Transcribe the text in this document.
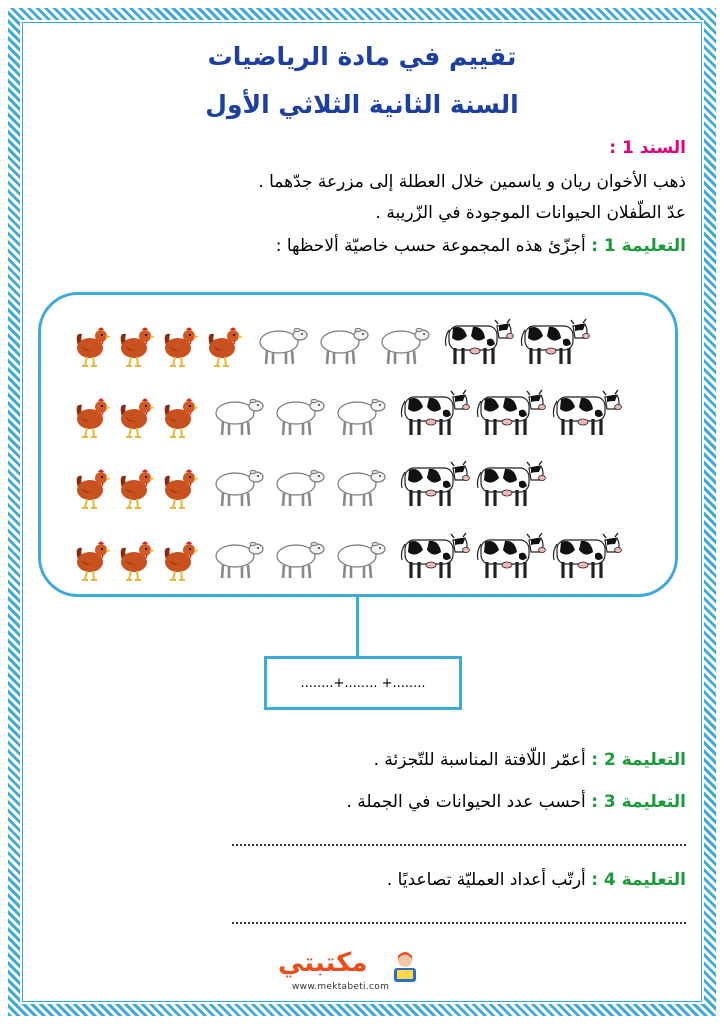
تقييم في مادة الرياضيات
السنة الثانية الثلاثي الأول
السند 1 :
ذهب الأخوان ريان و ياسمين خلال العطلة إلى مزرعة جدّهما .
عدّ الطّفلان الحيوانات الموجودة في الزّريبة .
التعليمة 1 : أجزّئ هذه المجموعة حسب خاصيّة ألاحظها :
........+........ +........
التعليمة 2 : أعمّر اللّافتة المناسبة للتّجزئة .
التعليمة 3 : أحسب عدد الحيوانات في الجملة .
التعليمة 4 : أرتّب أعداد العمليّة تصاعديًا .
مكتبتي
www.mektabeti.com
